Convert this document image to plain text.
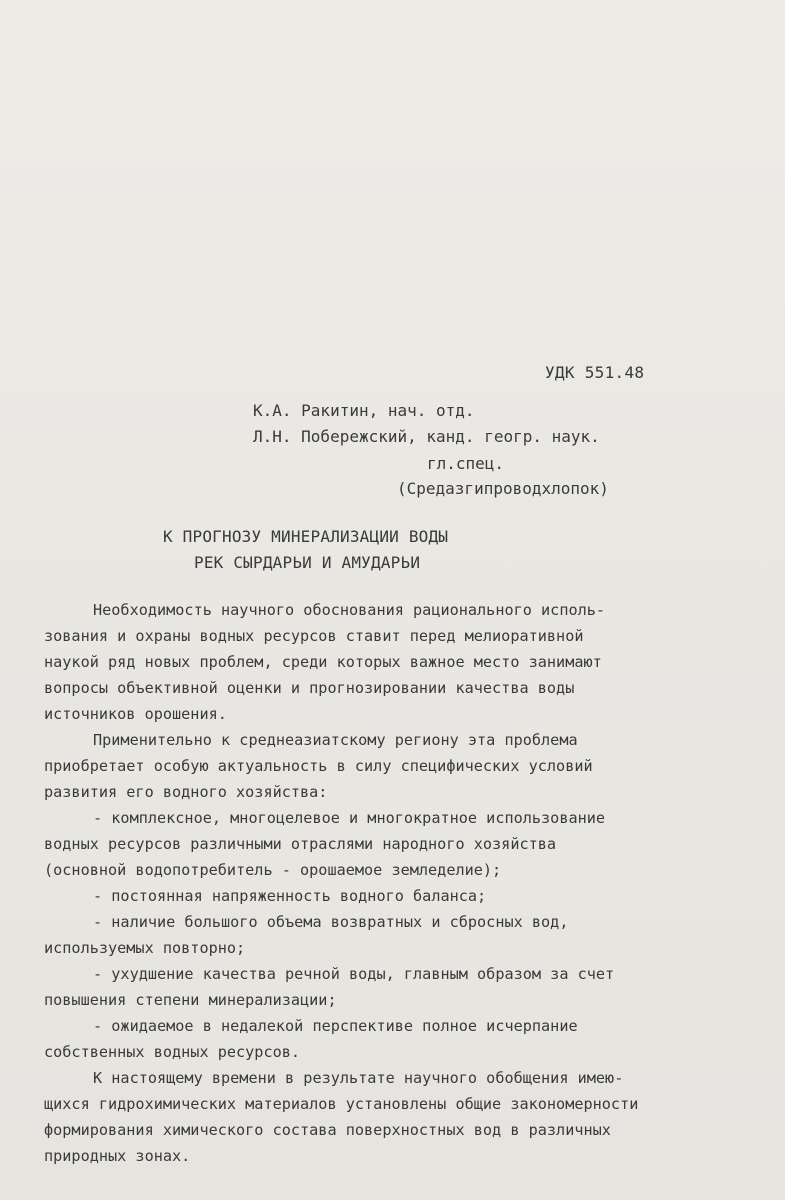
УДК 551.48
К.А. Ракитин, нач. отд.
Л.Н. Побережский, канд. геогр. наук.
гл.спец.
(Средазгипроводхлопок)
К ПРОГНОЗУ МИНЕРАЛИЗАЦИИ ВОДЫ
РЕК СЫРДАРЬИ И АМУДАРЬИ
Необходимость научного обоснования рационального исполь-
зования и охраны водных ресурсов ставит перед мелиоративной
наукой ряд новых проблем, среди которых важное место занимают
вопросы объективной оценки и прогнозировании качества воды
источников орошения.
Применительно к среднеазиатскому региону эта проблема
приобретает особую актуальность в силу специфических условий
развития его водного хозяйства:
- комплексное, многоцелевое и многократное использование
водных ресурсов различными отраслями народного хозяйства
(основной водопотребитель - орошаемое земледелие);
- постоянная напряженность водного баланса;
- наличие большого объема возвратных и сбросных вод,
используемых повторно;
- ухудшение качества речной воды, главным образом за счет
повышения степени минерализации;
- ожидаемое в недалекой перспективе полное исчерпание
собственных водных ресурсов.
К настоящему времени в результате научного обобщения имею-
щихся гидрохимических материалов установлены общие закономерности
формирования химического состава поверхностных вод в различных
природных зонах.
